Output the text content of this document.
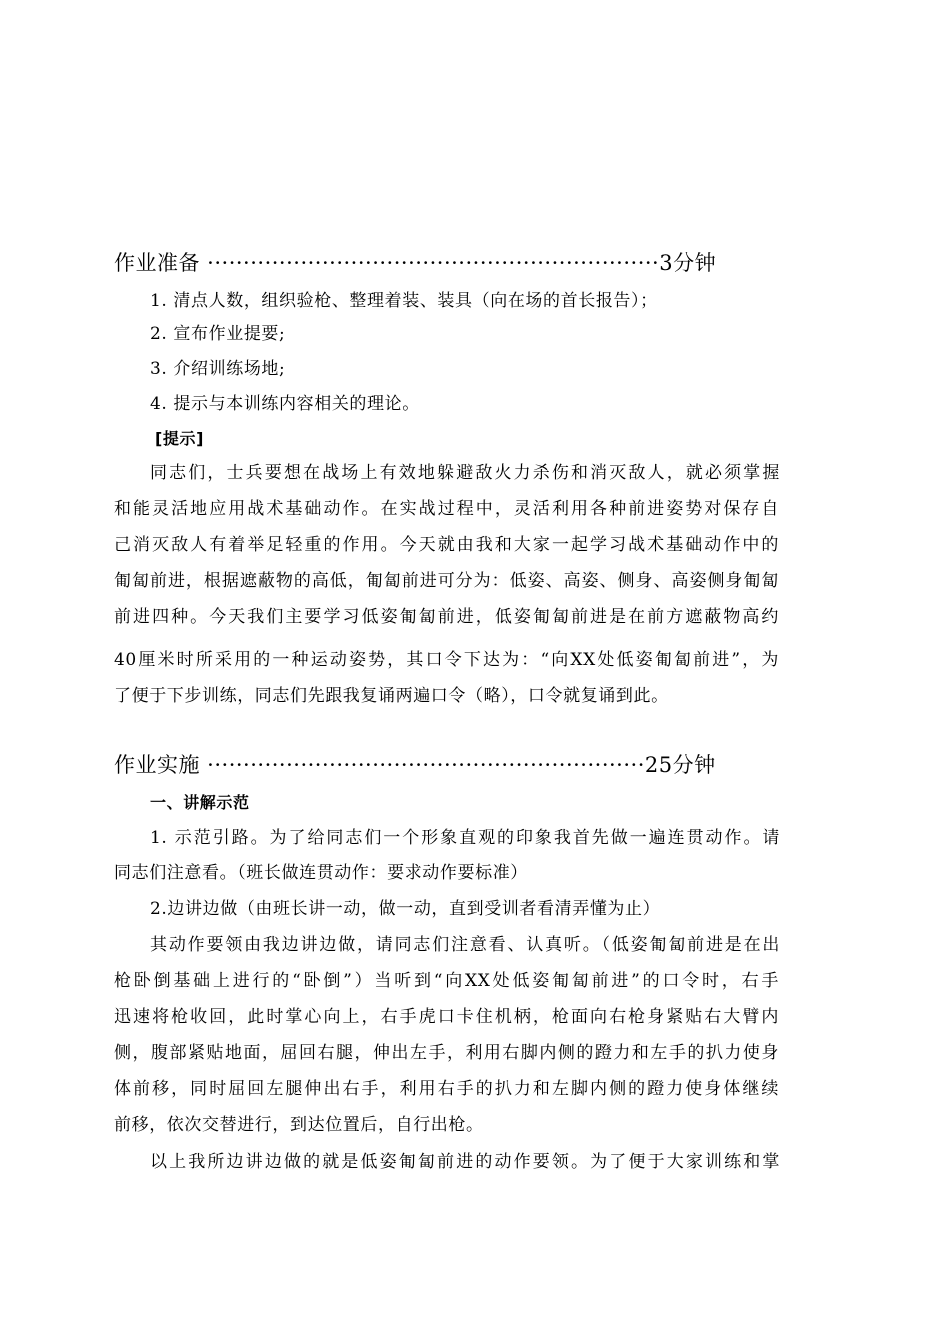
作业准备 ·······························································3分钟
1. 清点人数，组织验枪、整理着装、装具（向在场的首长报告）；
2. 宣布作业提要;
3. 介绍训练场地;
4. 提示与本训练内容相关的理论。
[提示]
同志们，士兵要想在战场上有效地躲避敌火力杀伤和消灭敌人，就必须掌握
和能灵活地应用战术基础动作。在实战过程中，灵活利用各种前进姿势对保存自
己消灭敌人有着举足轻重的作用。今天就由我和大家一起学习战术基础动作中的
匍匐前进，根据遮蔽物的高低，匍匐前进可分为：低姿、高姿、侧身、高姿侧身匍匐
前进四种。今天我们主要学习低姿匍匐前进，低姿匍匐前进是在前方遮蔽物高约
40厘米时所采用的一种运动姿势，其口令下达为：“向XX处低姿匍匐前进”，为
了便于下步训练，同志们先跟我复诵两遍口令（略），口令就复诵到此。
作业实施 ·····························································25分钟
一、讲解示范
1. 示范引路。为了给同志们一个形象直观的印象我首先做一遍连贯动作。请
同志们注意看。（班长做连贯动作：要求动作要标准）
2.边讲边做（由班长讲一动，做一动，直到受训者看清弄懂为止）
其动作要领由我边讲边做，请同志们注意看、认真听。（低姿匍匐前进是在出
枪卧倒基础上进行的“卧倒”）当听到“向XX处低姿匍匐前进”的口令时，右手
迅速将枪收回，此时掌心向上，右手虎口卡住机柄，枪面向右枪身紧贴右大臂内
侧，腹部紧贴地面，屈回右腿，伸出左手，利用右脚内侧的蹬力和左手的扒力使身
体前移，同时屈回左腿伸出右手，利用右手的扒力和左脚内侧的蹬力使身体继续
前移，依次交替进行，到达位置后，自行出枪。
以上我所边讲边做的就是低姿匍匐前进的动作要领。为了便于大家训练和掌
